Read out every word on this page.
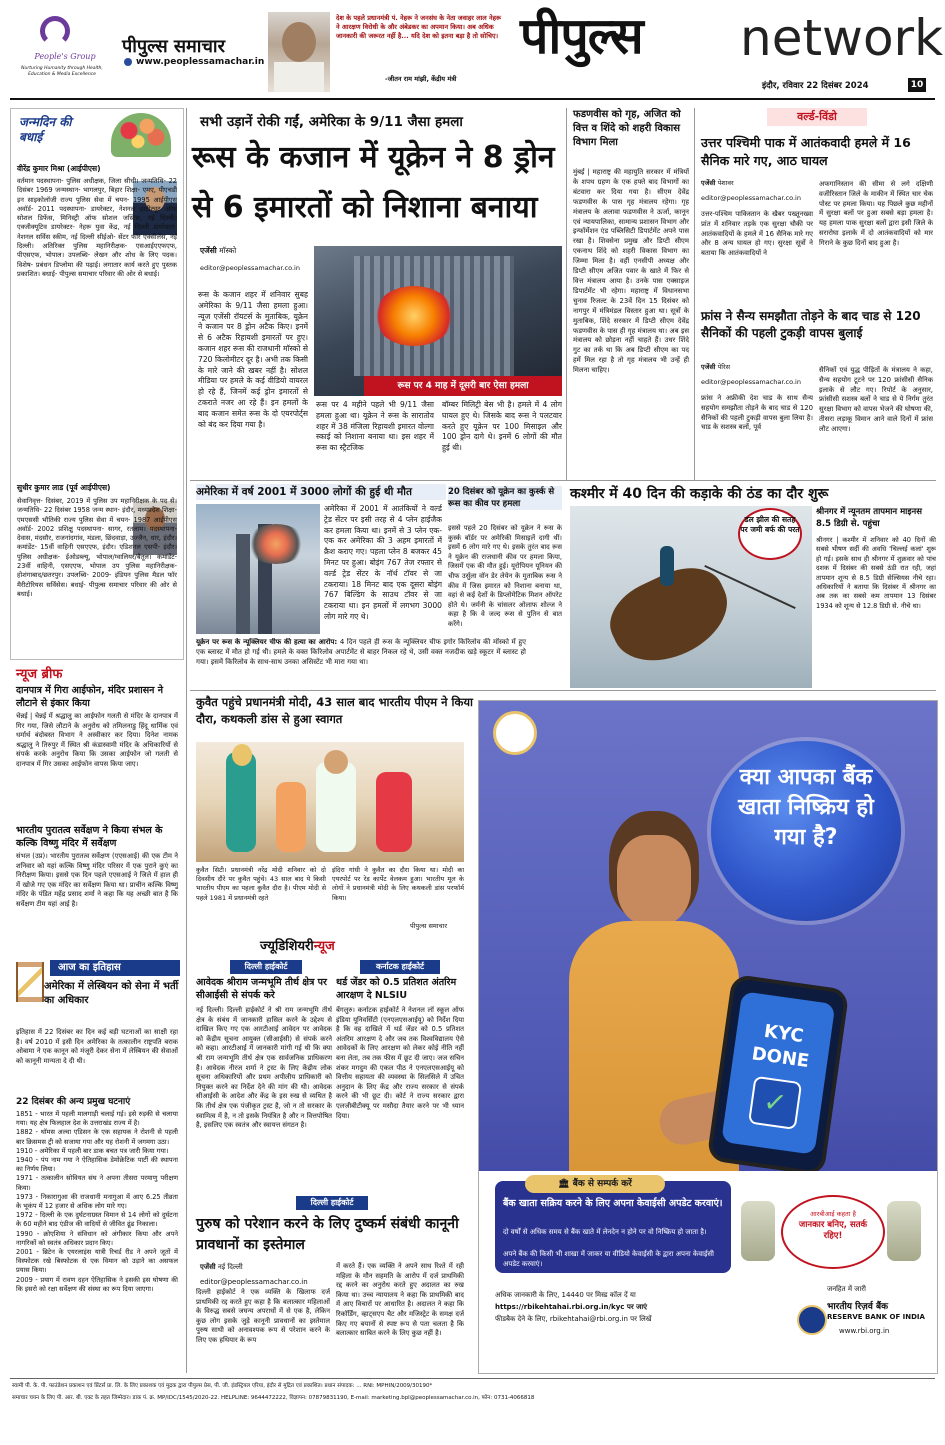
People's Group
Nurturing Humanity through Health, Education & Media Excellence
पीपुल्स समाचार
www.peoplessamachar.in
देश के पहले प्रधानमंत्री पं. नेहरू ने जनसंघ के नेता जवाहर लाल नेहरू ने आरक्षण विरोधी के और अंबेडकर का अपमान किया। अब अधिक जानकारी की जरूरत नहीं है... यदि देश को इतना बड़ा है तो सोचिए।
-जीतन राम मांझी, केंद्रीय मंत्री
पीपुल्स network
इंदौर, रविवार 22 दिसंबर 2024	10
जन्मदिन की बधाई
वीरेंद्र कुमार मिश्रा (आईपीएस)
वर्तमान पदस्थापना- पुलिस अधीक्षक, जिला सीधी। जन्मतिथि- 22 दिसंबर 1969 जन्मस्थान- भागलपुर, बिहार शिक्षा- एमए, पीएचडी इन साइकोलॉजी राज्य पुलिस सेवा में चयन- 1995 आईपीएस अवॉर्ड- 2011 पदस्थापना- डायरेक्टर, नेशनल इंस्टीट्यूट ऑफ सोशल डिफेंस, मिनिस्ट्री ऑफ सोशल जस्टिस, नई दिल्ली। एक्जीक्यूटिव डायरेक्टर- नेहरू युवा केंद्र, नई दिल्ली डायरेक्टर- नेशनल सर्विस स्कीम, नई दिल्ली सीईओ- सेंटर फॉर एक्सीलेंस, नई दिल्ली। अतिरिक्त पुलिस महानिरीक्षक- एसआईएएफएफ, पीएसएफ, भोपाल। उपलब्धि- लेखन और शोध के लिए पदक। विशेष- प्रबंधन डिप्लोमा की पढ़ाई। लगातार कार्य करते हुए पुस्तक प्रकाशित। बधाई- पीपुल्स समाचार परिवार की ओर से बधाई।
सुधीर कुमार लाड (पूर्व आईपीएस)
सेवानिवृत्त- दिसंबर, 2019 में पुलिस उप महानिरीक्षक के पद से। जन्मतिथि- 22 दिसंबर 1958 जन्म स्थान- इंदौर, मध्यप्रदेश शिक्षा- एमएससी भौतिकी राज्य पुलिस सेवा में चयन- 1987 आईपीएस अवॉर्ड- 2002 प्रशिक्षु पदस्थापना- सागर, रतलाम। पदस्थापना- देवास, मंदसौर, राजनांदगांव, मंडला, छिंदवाड़ा, उज्जैन, धार, इंदौर। कमांडेंट- 15वीं वाहिनी एसएएफ, इंदौर। एडिशनल एसपी- इंदौर। पुलिस अधीक्षक- ईओडब्ल्यू, भोपाल/ग्वालियर/बैतूल। कमांडेंट- 23वीं वाहिनी, एसएएफ, भोपाल उप पुलिस महानिरीक्षक- होशंगाबाद/छतरपुर। उपलब्धि- 2009- इंडियन पुलिस मैडल फॉर मैरीटोरियस सर्विसेस। बधाई- पीपुल्स समाचार परिवार की ओर से बधाई।
न्यूज ब्रीफ
दानपात्र में गिरा आईफोन, मंदिर प्रशासन ने लौटाने से इंकार किया
चेन्नई | चेन्नई में श्रद्धालु का आईफोन गलती से मंदिर के दानपात्र में गिर गया, जिसे लौटाने के अनुरोध को तमिलनाडु हिंदू धार्मिक एवं धर्मार्थ बंदोबस्त विभाग ने अस्वीकार कर दिया। दिनेश नामक श्रद्धालु ने तिरुपुर में स्थित श्री कंडास्वामी मंदिर के अधिकारियों से संपर्क करके अनुरोध किया कि उसका आईफोन जो गलती से दानपात्र में गिर उसका आईफोन वापस किया जाए।
भारतीय पुरातत्व सर्वेक्षण ने किया संभल के कल्कि विष्णु मंदिर में सर्वेक्षण
संभल (उप्र)। भारतीय पुरातत्व सर्वेक्षण (एएसआई) की एक टीम ने शनिवार को यहां कल्कि विष्णु मंदिर परिसर में एक पुराने कुएं का निरीक्षण किया। इससे एक दिन पहले एएसआई ने जिले में हाल ही में खोजे गए एक मंदिर का सर्वेक्षण किया था। प्राचीन कल्कि विष्णु मंदिर के पंडित महेंद्र प्रसाद शर्मा ने कहा कि यह अच्छी बात है कि सर्वेक्षण टीम यहां आई है।
आज का इतिहास
अमेरिका में लेस्बियन को सेना में भर्ती का अधिकार
इतिहास में 22 दिसंबर का दिन कई बड़ी घटनाओं का साक्षी रहा है। वर्ष 2010 में इसी दिन अमेरिका के तत्कालीन राष्ट्रपति बराक ओबामा ने एक कानून को मंजूरी देकर सेना में लेस्बियन की सेवाओं को कानूनी मान्यता दे दी थी।
22 दिसंबर की अन्य प्रमुख घटनाएं
1851 - भारत में पहली मालगाड़ी चलाई गई। इसे रुड़की से चलाया गया। यह क्षेत्र फिलहाल देश के उत्तराखंड राज्य में है।
1882 - थॉमस अल्वा एडिसन के एक सहायक ने रोशनी से पहली बार क्रिसमस ट्री को सजाया गया और यह रोशनी में जगमगा उठा।
1910 - अमेरिका में पहली बार डाक बचत पत्र जारी किया गया।
1940 - पंप नाम गया ने ऐतिहासिक डेमोक्रेटिक पार्टी की स्थापना का निर्णय लिया।
1971 - तत्कालीन सोवियत संघ ने अपना तीसरा परमाणु परीक्षण किया।
1973 - निकारागुआ की राजधानी मनागुआ में आए 6.25 तीव्रता के भूकंप में 12 हजार से अधिक लोग मारे गए।
1972 - दिल्ली के एक दुर्घटनाग्रस्त विमान से 14 लोगों को दुर्घटना के 60 महीने बाद एंडीज की वादियों से जीवित ढूंढ निकाला।
1990 - क्रोएशिया ने संविधान को अंगीकार किया और अपने नागरिकों को स्वतंत्र अधिकार प्रदान किए।
2001 - ब्रिटेन के एयरलाइंस यात्री रिचर्ड रीड ने अपने जूतों में विस्फोटक रखे बिस्फोटक से एक विमान को उड़ाने का असफल प्रयास किया।
2009 - प्रयाग में रावण दहन ऐतिहासिक ने इसकी इस घोषणा की कि इसरो को रक्षा सर्वेक्षण की संस्था का रूप दिया जाएगा।
सभी उड़ानें रोकी गईं, अमेरिका के 9/11 जैसा हमला
रूस के कजान में यूक्रेन ने 8 ड्रोन
से 6 इमारतों को निशाना बनाया
एजेंसी मॉस्को
editor@peoplessamachar.co.in
रूस के कजान शहर में शनिवार सुबह अमेरिका के 9/11 जैसा हमला हुआ। न्यूज एजेंसी रॉयटर्स के मुताबिक, यूक्रेन ने कजान पर 8 ड्रोन अटैक किए। इनमें से 6 अटैक रिहायशी इमारतों पर हुए। कजान शहर रूस की राजधानी मॉस्को से 720 किलोमीटर दूर है। अभी तक किसी के मारे जाने की खबर नहीं है। सोशल मीडिया पर हमले के कई वीडियो वायरल हो रहे हैं, जिनमें कई ड्रोन इमारतों से टकराते नजर आ रहे हैं। इन हमलों के बाद कजान समेत रूस के दो एयरपोर्ट्स को बंद कर दिया गया है।
रूस पर 4 माह में दूसरी बार ऐसा हमला
रूस पर 4 महीने पहले भी 9/11 जैसा हमला हुआ था। यूक्रेन ने रूस के सारातोव शहर में 38 मंजिला रिहायशी इमारत वोल्गा स्काई को निशाना बनाया था। इस शहर में रूस का स्ट्रैटजिक
बॉम्बर मिलिट्री बेस भी है। हमले में 4 लोग घायल हुए थे। जिसके बाद रूस ने पलटवार करते हुए यूक्रेन पर 100 मिसाइल और 100 ड्रोन दागे थे। इनमें 6 लोगों की मौत हुई थी।
फडणवीस को गृह, अजित को वित्त व शिंदे को शहरी विकास विभाग मिला
मुंबई | महाराष्ट्र की महायुति सरकार में मंत्रियों के शपथ ग्रहण के एक हफ्ते बाद विभागों का बंटवारा कर दिया गया है। सीएम देवेंद्र फडणवीस के पास गृह मंत्रालय रहेगा। गृह मंत्रालय के अलावा फडणवीस ने ऊर्जा, कानून एवं न्यायपालिका, सामान्य प्रशासन विभाग और इन्फॉर्मेशन एंड पब्लिसिटी डिपार्टमेंट अपने पास रखा है। शिवसेना प्रमुख और डिप्टी सीएम एकनाथ शिंदे को शहरी विकास विभाग का जिम्मा मिला है। वहीं एनसीपी अध्यक्ष और डिप्टी सीएम अजित पवार के खाते में फिर से वित्त मंत्रालय आया है। उनके पास एक्साइज डिपार्टमेंट भी रहेगा। महाराष्ट्र में विधानसभा चुनाव रिजल्ट के 23वें दिन 15 दिसंबर को नागपुर में मंत्रिमंडल विस्तार हुआ था। सूत्रों के मुताबिक, शिंदे सरकार में डिप्टी सीएम देवेंद्र फडणवीस के पास ही गृह मंत्रालय था। अब इस मंत्रालय को छोड़ना नहीं चाहते हैं। उधर शिंदे गुट का तर्क था कि अब डिप्टी सीएम का पद हमें मिल रहा है तो गृह मंत्रालय भी उन्हें ही मिलना चाहिए।
वर्ल्ड-विंडो
उत्तर पश्चिमी पाक में आतंकवादी हमले में 16 सैनिक मारे गए, आठ घायल
एजेंसी पेशावर
editor@peoplessamachar.co.in
उत्तर-पश्चिम पाकिस्तान के खैबर पख्तूनख्वा प्रांत में शनिवार तड़के एक सुरक्षा चौकी पर आतंकवादियों के हमले में 16 सैनिक मारे गए और 8 अन्य घायल हो गए। सुरक्षा सूत्रों ने बताया कि आतंकवादियों ने
अफगानिस्तान की सीमा से लगे दक्षिणी वजीरिस्तान जिले के माकीन में स्थित चार चेक पोस्ट पर हमला किया। यह पिछले कुछ महीनों में सुरक्षा बलों पर हुआ सबसे बड़ा हमला है। यह हमला पाक सुरक्षा बलों द्वारा इसी जिले के सरारोघा इलाके में दो आतंकवादियों को मार गिराने के कुछ दिनों बाद हुआ है।
फ्रांस ने सैन्य समझौता तोड़ने के बाद चाड से 120 सैनिकों की पहली टुकड़ी वापस बुलाई
एजेंसी पेरिस
editor@peoplessamachar.co.in
फ्रांस ने अफ्रीकी देश चाड के साथ सैन्य सहयोग समझौता तोड़ने के बाद चाड से 120 सैनिकों की पहली टुकड़ी वापस बुला लिया है। चाड के सशस्त्र बलों, पूर्व
सैनिकों एवं युद्ध पीड़ितों के मंत्रालय ने कहा, सैन्य सहयोग टूटने पर 120 फ्रांसीसी सैनिक इलाके से लौट गए। रिपोर्ट के अनुसार, फ्रांसीसी सशस्त्र बलों ने चाड से ये निर्गम तुरंत सुरक्षा विभाग को वापस भेजने की घोषणा की, तीसरा लड़ाकू विमान आने वाले दिनों में फ्रांस लौट आएगा।
अमेरिका में वर्ष 2001 में 3000 लोगों की हुई थी मौत
अमेरिका में 2001 में आतंकियों ने वर्ल्ड ट्रेड सेंटर पर इसी तरह से 4 प्लेन हाईजैक कर हमला किया था। इनमें से 3 प्लेन एक-एक कर अमेरिका की 3 अहम इमारतों में क्रैश कराए गए। पहला प्लेन 8 बजकर 45 मिनट पर हुआ। बोइंग 767 तेज रफ्तार से वर्ल्ड ट्रेड सेंटर के नॉर्थ टॉवर से जा टकराया। 18 मिनट बाद एक दूसरा बोइंग 767 बिल्डिंग के साउथ टॉवर से जा टकराया था। इन हमलों में लगभग 3000 लोग मारे गए थे।
20 दिसंबर को यूक्रेन का कुर्स्क से रूस का कीव पर हमला
इससे पहले 20 दिसंबर को यूक्रेन ने रूस के कुर्स्क बॉर्डर पर अमेरिकी मिसाइलें दागी थीं। इसमें 6 लोग मारे गए थे। इसके तुरंत बाद रूस ने यूक्रेन की राजधानी कीव पर हमला किया, जिसमें एक की मौत हुई। यूरोपियन यूनियन की चीफ उर्सुला वॉन डेर लेयेन के मुताबिक रूस ने कीव में जिस इमारत को निशाना बनाया था, वहां से कई देशों के डिप्लोमेटिक मिशन ऑपरेट होते थे। जर्मनी के चांसलर ओलाफ शोल्ज ने कहा है कि वे जल्द रूस से पुतिन से बात करेंगे।
यूक्रेन पर रूस के न्यूक्लियर चीफ की हत्या का आरोप: 4 दिन पहले ही रूस के न्यूक्लियर चीफ इगोर किरिलोव की मॉस्को में हुए एक ब्लास्ट में मौत हो गई थी। हमले के वक्त किरिलोव अपार्टमेंट से बाहर निकल रहे थे, उसी वक्त नजदीक खड़े स्कूटर में ब्लास्ट हो गया। इसमें किरिलोव के साथ-साथ उनका असिस्टेंट भी मारा गया था।
कश्मीर में 40 दिन की कड़ाके की ठंड का दौर शुरू
डल झील की सतह पर जमी बर्फ की परत
श्रीनगर में न्यूनतम तापमान माइनस 8.5 डिग्री से. पहुंचा
श्रीनगर | कश्मीर में शनिवार को 40 दिनों की सबसे भीषण सर्दी की अवधि 'चिल्लई कलां' शुरू हो गई। इसके साथ ही श्रीनगर में शुक्रवार को पांच दशक में दिसंबर की सबसे ठंडी रात रही, जहां तापमान शून्य से 8.5 डिग्री सेल्सियस नीचे रहा। अधिकारियों ने बताया कि दिसंबर में श्रीनगर का अब तक का सबसे कम तापमान 13 दिसंबर 1934 को शून्य से 12.8 डिग्री से. नीचे था।
कुवैत पहुंचे प्रधानमंत्री मोदी, 43 साल बाद भारतीय पीएम ने किया दौरा, कथकली डांस से हुआ स्वागत
कुवैत सिटी। प्रधानमंत्री नरेंद्र मोदी शनिवार को दो दिवसीय दौरे पर कुवैत पहुंचे। 43 साल बाद ये किसी भारतीय पीएम का पहला कुवैत दौरा है। पीएम मोदी से पहले 1981 में प्रधानमंत्री रहते
इंदिरा गांधी ने कुवैत का दौरा किया था। मोदी का एयरपोर्ट पर रेड कार्पेट वेलकम हुआ। भारतीय मूल के लोगों ने प्रधानमंत्री मोदी के लिए कथकली डांस परफॉर्म किया।
पीपुल्स समाचार
ज्यूडिशियरीन्यूज
दिल्ली हाईकोर्ट
आवेदक श्रीराम जन्मभूमि तीर्थ क्षेत्र पर सीआईसी से संपर्क करे
नई दिल्ली। दिल्ली हाईकोर्ट ने श्री राम जन्मभूमि तीर्थ क्षेत्र के संबंध में जानकारी हासिल करने के उद्देश्य से दाखिल किए गए एक आरटीआई आवेदन पर आवेदक को केंद्रीय सूचना आयुक्त (सीआईसी) से संपर्क करने को कहा। आरटीआई में जानकारी मांगी गई थी कि क्या श्री राम जन्मभूमि तीर्थ क्षेत्र एक सार्वजनिक प्राधिकरण है। आवेदक नीरज शर्मा ने ट्रस्ट के लिए केंद्रीय लोक सूचना अधिकारियों और प्रथम अपीलीय प्राधिकारी को नियुक्त करने का निर्देश देने की मांग की थी। आवेदक सीआईसी के आदेश और केंद्र के इस रुख से व्यथित है कि तीर्थ क्षेत्र एक पंजीकृत ट्रस्ट है, जो न तो सरकार के स्वामित्व में है, न तो इसके नियंत्रित है और न वित्तपोषित है, इसलिए एक स्वतंत्र और स्वायत्त संगठन है।
कर्नाटक हाईकोर्ट
थर्ड जेंडर को 0.5 प्रतिशत अंतरिम आरक्षण दे NLSIU
बेंगलुरु। कर्नाटक हाईकोर्ट ने नेशनल लॉ स्कूल ऑफ इंडिया यूनिवर्सिटी (एनएलएसआईयू) को निर्देश दिया है कि वह दाखिले में थर्ड जेंडर को 0.5 प्रतिशत अंतरिम आरक्षण दे और जब तक विश्वविद्यालय ऐसे आवेदकों के लिए आरक्षण को लेकर कोई नीति नहीं बना लेता, तब तक फीस में छूट दी जाए। जज सचिन शंकर मगदुम की एकल पीठ ने एनएलएसआईयू को वित्तीय सहायता की व्यवस्था के सिलसिले में उचित अनुदान के लिए केंद्र और राज्य सरकार से संपर्क करने की भी छूट दी। कोर्ट ने राज्य सरकार द्वारा एलजीबीटीक्यू पर मसौदा तैयार करने पर भी ध्यान दिया।
दिल्ली हाईकोर्ट
पुरुष को परेशान करने के लिए दुष्कर्म संबंधी कानूनी प्रावधानों का इस्तेमाल
एजेंसी नई दिल्ली
editor@peoplessamachar.co.in
दिल्ली हाईकोर्ट ने एक व्यक्ति के खिलाफ दर्ज प्राथमिकी रद्द करते हुए कहा है कि बलात्कार महिलाओं के विरुद्ध सबसे जघन्य अपराधों में से एक है, लेकिन कुछ लोग इसके जुड़े कानूनी प्रावधानों का इस्तेमाल पुरुष साथी को अनावश्यक रूप से परेशान करने के लिए एक हथियार के रूप
में करते हैं। एक व्यक्ति ने अपने साथ रिश्ते में रही महिला के मौन सहमति के आरोप में दर्ज प्राथमिकी रद्द करने का अनुरोध करते हुए अदालत का रुख किया था। उच्च न्यायालय ने कहा कि प्राथमिकी बाद में आए विचारों पर आधारित है। अदालत ने कहा कि रिकॉर्डिंग, व्हाट्सएप चैट और मजिस्ट्रेट के समक्ष दर्ज किए गए बयानों से स्पष्ट रूप से पता चलता है कि बलात्कार साबित करने के लिए कुछ नहीं है।
क्या आपका बैंक खाता निष्क्रिय हो गया है?
KYC
DONE
✓
🏛 बैंक से सम्पर्क करें
बैंक खाता सक्रिय करने के लिए अपना केवाईसी अपडेट करवाएं।
दो वर्षों से अधिक समय से बैंक खाते में लेनदेन न होने पर वो निष्क्रिय हो जाता है।
अपने बैंक की किसी भी शाखा में जाकर या वीडियो केवाईसी के द्वारा अपना केवाईसी अपडेट करवाएं।
आरबीआई कहता है
जानकार बनिए, सतर्क रहिए!
अधिक जानकारी के लिए, 14440 पर मिस्ड कॉल दें या
https://rbikehtahai.rbi.org.in/kyc पर जाएं
फीडबैक देने के लिए, rbikehtahai@rbi.org.in पर लिखें
जनहित में जारी
भारतीय रिज़र्व बैंक
RESERVE BANK OF INDIA
www.rbi.org.in
स्वामी पी. के. पी. फाउंडेशन प्रकाशन एवं प्रिंटर्स प्रा. लि. के लिए प्रकाशक एवं मुद्रक द्वारा पीपुल्स प्रेस, पी. जी. इंडस्ट्रियल एरिया, इंदौर से मुद्रित एवं प्रकाशित। प्रधान संपादक: ... RNI: MPHIN/2009/30190*
समाचार चयन के लिए पी. आर. बी. एक्ट के तहत जिम्मेदार। डाक पं. क्र. MP/IDC/1545/2020-22. HELPLINE: 9644472222, विज्ञापन: 07879831190, E-mail: marketing.bpl@peoplessamachar.co.in, फोन: 0731-4066818
